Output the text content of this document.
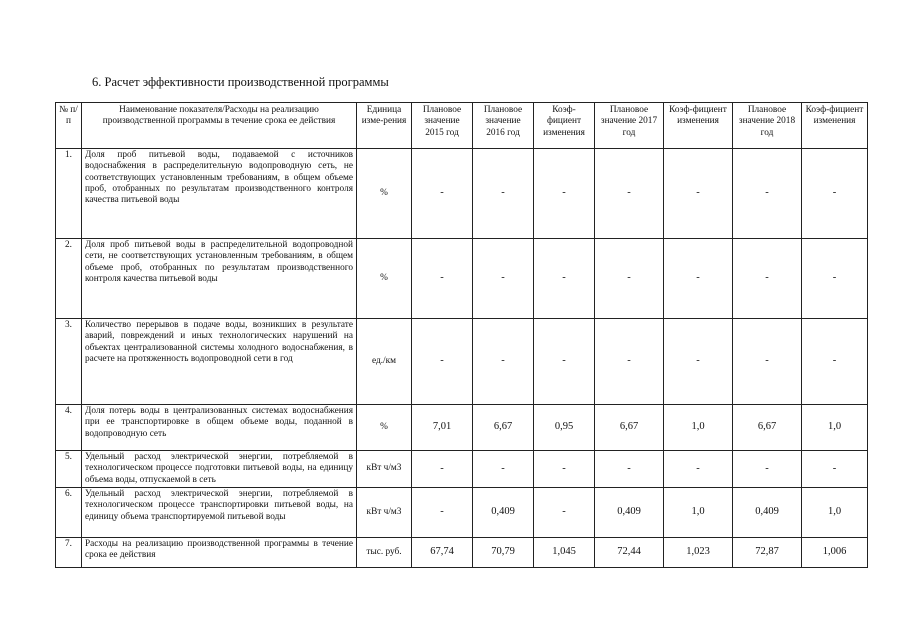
6. Расчет эффективности производственной программы
№ п/п	Наименование показателя/Расходы на реализацию производственной программы в течение срока ее действия	Единица изме-рения	Плановое значение 2015 год	Плановое значение 2016 год	Коэф-фициент изменения	Плановое значение 2017 год	Коэф-фициент изменения	Плановое значение 2018 год	Коэф-фициент изменения
1.	Доля проб питьевой воды, подаваемой с источников водоснабжения в распределительную водопроводную сеть, не соответствующих установленным требованиям, в общем объеме проб, отобранных по результатам производственного контроля качества питьевой воды	%	-	-	-	-	-	-	-
2.	Доля проб питьевой воды в распределительной водопроводной сети, не соответствующих установленным требованиям, в общем объеме проб, отобранных по результатам производственного контроля качества питьевой воды	%	-	-	-	-	-	-	-
3.	Количество перерывов в подаче воды, возникших в результате аварий, повреждений и иных технологических нарушений на объектах централизованной системы холодного водоснабжения, в расчете на протяженность водопроводной сети в год	ед./км	-	-	-	-	-	-	-
4.	Доля потерь воды в централизованных системах водоснабжения при ее транспортировке в общем объеме воды, поданной в водопроводную сеть	%	7,01	6,67	0,95	6,67	1,0	6,67	1,0
5.	Удельный расход электрической энергии, потребляемой в технологическом процессе подготовки питьевой воды, на единицу объема воды, отпускаемой в сеть	кВт ч/м3	-	-	-	-	-	-	-
6.	Удельный расход электрической энергии, потребляемой в технологическом процессе транспортировки питьевой воды, на единицу объема транспортируемой питьевой воды	кВт ч/м3	-	0,409	-	0,409	1,0	0,409	1,0
7.	Расходы на реализацию производственной программы в течение срока ее действия	тыс. руб.	67,74	70,79	1,045	72,44	1,023	72,87	1,006
